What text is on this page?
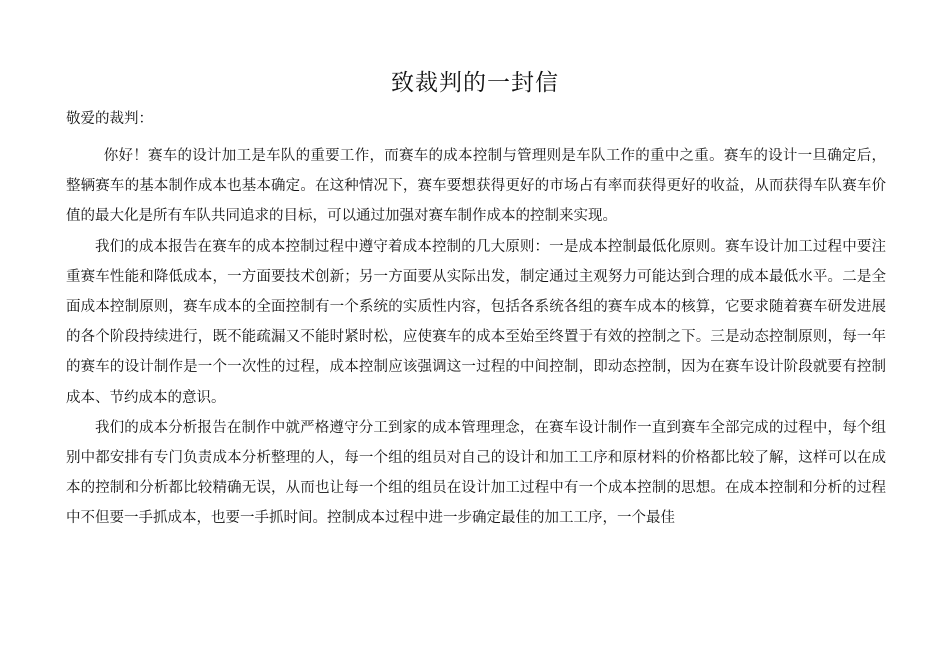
致裁判的一封信

敬爱的裁判：

你好！赛车的设计加工是车队的重要工作，而赛车的成本控制与管理则是车队工作的重中之重。赛车的设计一旦确定后，整辆赛车的基本制作成本也基本确定。在这种情况下，赛车要想获得更好的市场占有率而获得更好的收益，从而获得车队赛车价值的最大化是所有车队共同追求的目标，可以通过加强对赛车制作成本的控制来实现。

我们的成本报告在赛车的成本控制过程中遵守着成本控制的几大原则：一是成本控制最低化原则。赛车设计加工过程中要注重赛车性能和降低成本，一方面要技术创新；另一方面要从实际出发，制定通过主观努力可能达到合理的成本最低水平。二是全面成本控制原则，赛车成本的全面控制有一个系统的实质性内容，包括各系统各组的赛车成本的核算，它要求随着赛车研发进展的各个阶段持续进行，既不能疏漏又不能时紧时松，应使赛车的成本至始至终置于有效的控制之下。三是动态控制原则，每一年的赛车的设计制作是一个一次性的过程，成本控制应该强调这一过程的中间控制，即动态控制，因为在赛车设计阶段就要有控制成本、节约成本的意识。

我们的成本分析报告在制作中就严格遵守分工到家的成本管理理念，在赛车设计制作一直到赛车全部完成的过程中，每个组别中都安排有专门负责成本分析整理的人，每一个组的组员对自己的设计和加工工序和原材料的价格都比较了解，这样可以在成本的控制和分析都比较精确无误，从而也让每一个组的组员在设计加工过程中有一个成本控制的思想。在成本控制和分析的过程中不但要一手抓成本，也要一手抓时间。控制成本过程中进一步确定最佳的加工工序，一个最佳
